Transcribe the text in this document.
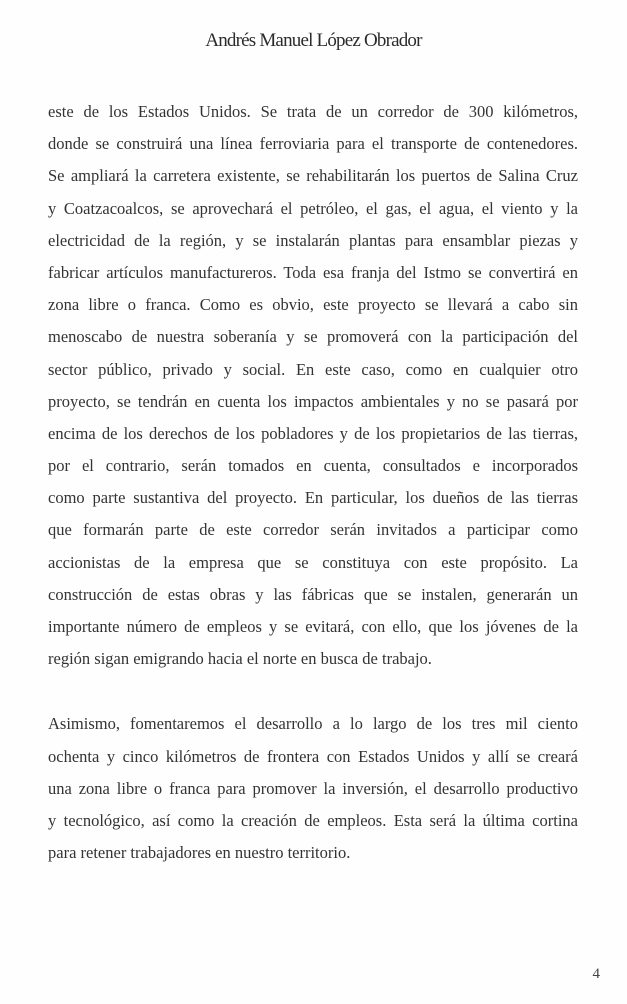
Andrés Manuel López Obrador
este de los Estados Unidos. Se trata de un corredor de 300 kilómetros,
donde se construirá una línea ferroviaria para el transporte de contenedores.
Se ampliará la carretera existente, se rehabilitarán los puertos de Salina Cruz
y Coatzacoalcos, se aprovechará el petróleo, el gas, el agua, el viento y la
electricidad de la región, y se instalarán plantas para ensamblar piezas y
fabricar artículos manufactureros. Toda esa franja del Istmo se convertirá en
zona libre o franca. Como es obvio, este proyecto se llevará a cabo sin
menoscabo de nuestra soberanía y se promoverá con la participación del
sector público, privado y social. En este caso, como en cualquier otro
proyecto, se tendrán en cuenta los impactos ambientales y no se pasará por
encima de los derechos de los pobladores y de los propietarios de las tierras,
por el contrario, serán tomados en cuenta, consultados e incorporados
como parte sustantiva del proyecto. En particular, los dueños de las tierras
que formarán parte de este corredor serán invitados a participar como
accionistas de la empresa que se constituya con este propósito. La
construcción de estas obras y las fábricas que se instalen, generarán un
importante número de empleos y se evitará, con ello, que los jóvenes de la
región sigan emigrando hacia el norte en busca de trabajo.
Asimismo, fomentaremos el desarrollo a lo largo de los tres mil ciento
ochenta y cinco kilómetros de frontera con Estados Unidos y allí se creará
una zona libre o franca para promover la inversión, el desarrollo productivo
y tecnológico, así como la creación de empleos. Esta será la última cortina
para retener trabajadores en nuestro territorio.
4
